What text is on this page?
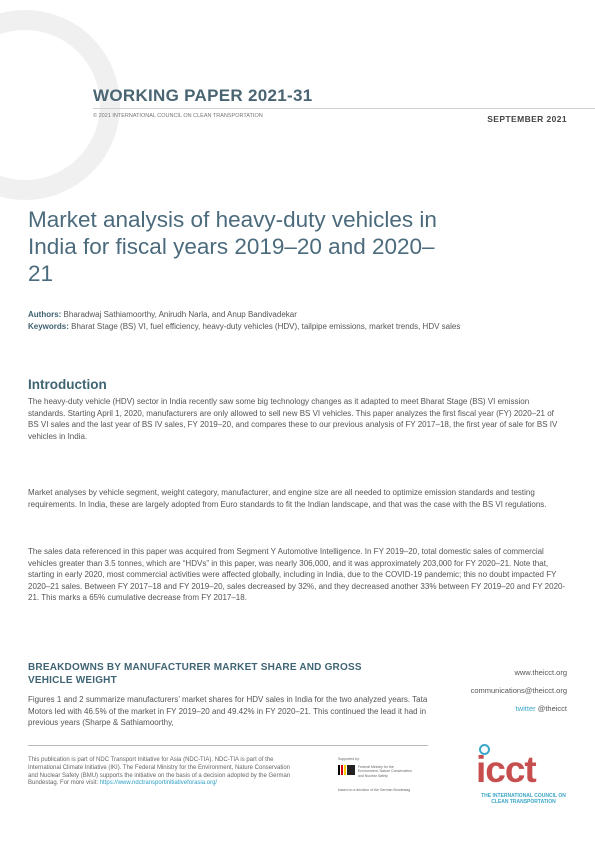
WORKING PAPER 2021-31
© 2021 INTERNATIONAL COUNCIL ON CLEAN TRANSPORTATION	SEPTEMBER 2021
Market analysis of heavy-duty vehicles in India for fiscal years 2019–20 and 2020–21
Authors: Bharadwaj Sathiamoorthy, Anirudh Narla, and Anup Bandivadekar
Keywords: Bharat Stage (BS) VI, fuel efficiency, heavy-duty vehicles (HDV), tailpipe emissions, market trends, HDV sales
Introduction

The heavy-duty vehicle (HDV) sector in India recently saw some big technology changes as it adapted to meet Bharat Stage (BS) VI emission standards. Starting April 1, 2020, manufacturers are only allowed to sell new BS VI vehicles. This paper analyzes the first fiscal year (FY) 2020–21 of BS VI sales and the last year of BS IV sales, FY 2019–20, and compares these to our previous analysis of FY 2017–18, the first year of sale for BS IV vehicles in India.

Market analyses by vehicle segment, weight category, manufacturer, and engine size are all needed to optimize emission standards and testing requirements. In India, these are largely adopted from Euro standards to fit the Indian landscape, and that was the case with the BS VI regulations.

The sales data referenced in this paper was acquired from Segment Y Automotive Intelligence. In FY 2019–20, total domestic sales of commercial vehicles greater than 3.5 tonnes, which are “HDVs” in this paper, was nearly 306,000, and it was approximately 203,000 for FY 2020–21. Note that, starting in early 2020, most commercial activities were affected globally, including in India, due to the COVID-19 pandemic; this no doubt impacted FY 2020–21 sales. Between FY 2017–18 and FY 2019–20, sales decreased by 32%, and they decreased another 33% between FY 2019–20 and FY 2020-21. This marks a 65% cumulative decrease from FY 2017–18.

BREAKDOWNS BY MANUFACTURER MARKET SHARE AND GROSS VEHICLE WEIGHT

Figures 1 and 2 summarize manufacturers’ market shares for HDV sales in India for the two analyzed years. Tata Motors led with 46.5% of the market in FY 2019–20 and 49.42% in FY 2020–21. This continued the lead it had in previous years (Sharpe & Sathiamoorthy,

www.theicct.org
communications@theicct.org
twitter @theicct
This publication is part of NDC Transport Initiative for Asia (NDC-TIA). NDC-TIA is part of the International Climate Initiative (IKI). The Federal Ministry for the Environment, Nature Conservation and Nuclear Safety (BMU) supports the initiative on the basis of a decision adopted by the German Bundestag. For more visit: https://www.ndctransportinitiativeforasia.org/
Supported by:
Federal Ministry for the Environment, Nature Conservation and Nuclear Safety
based on a decision of the German Bundestag	icct
THE INTERNATIONAL COUNCIL ON CLEAN TRANSPORTATION
